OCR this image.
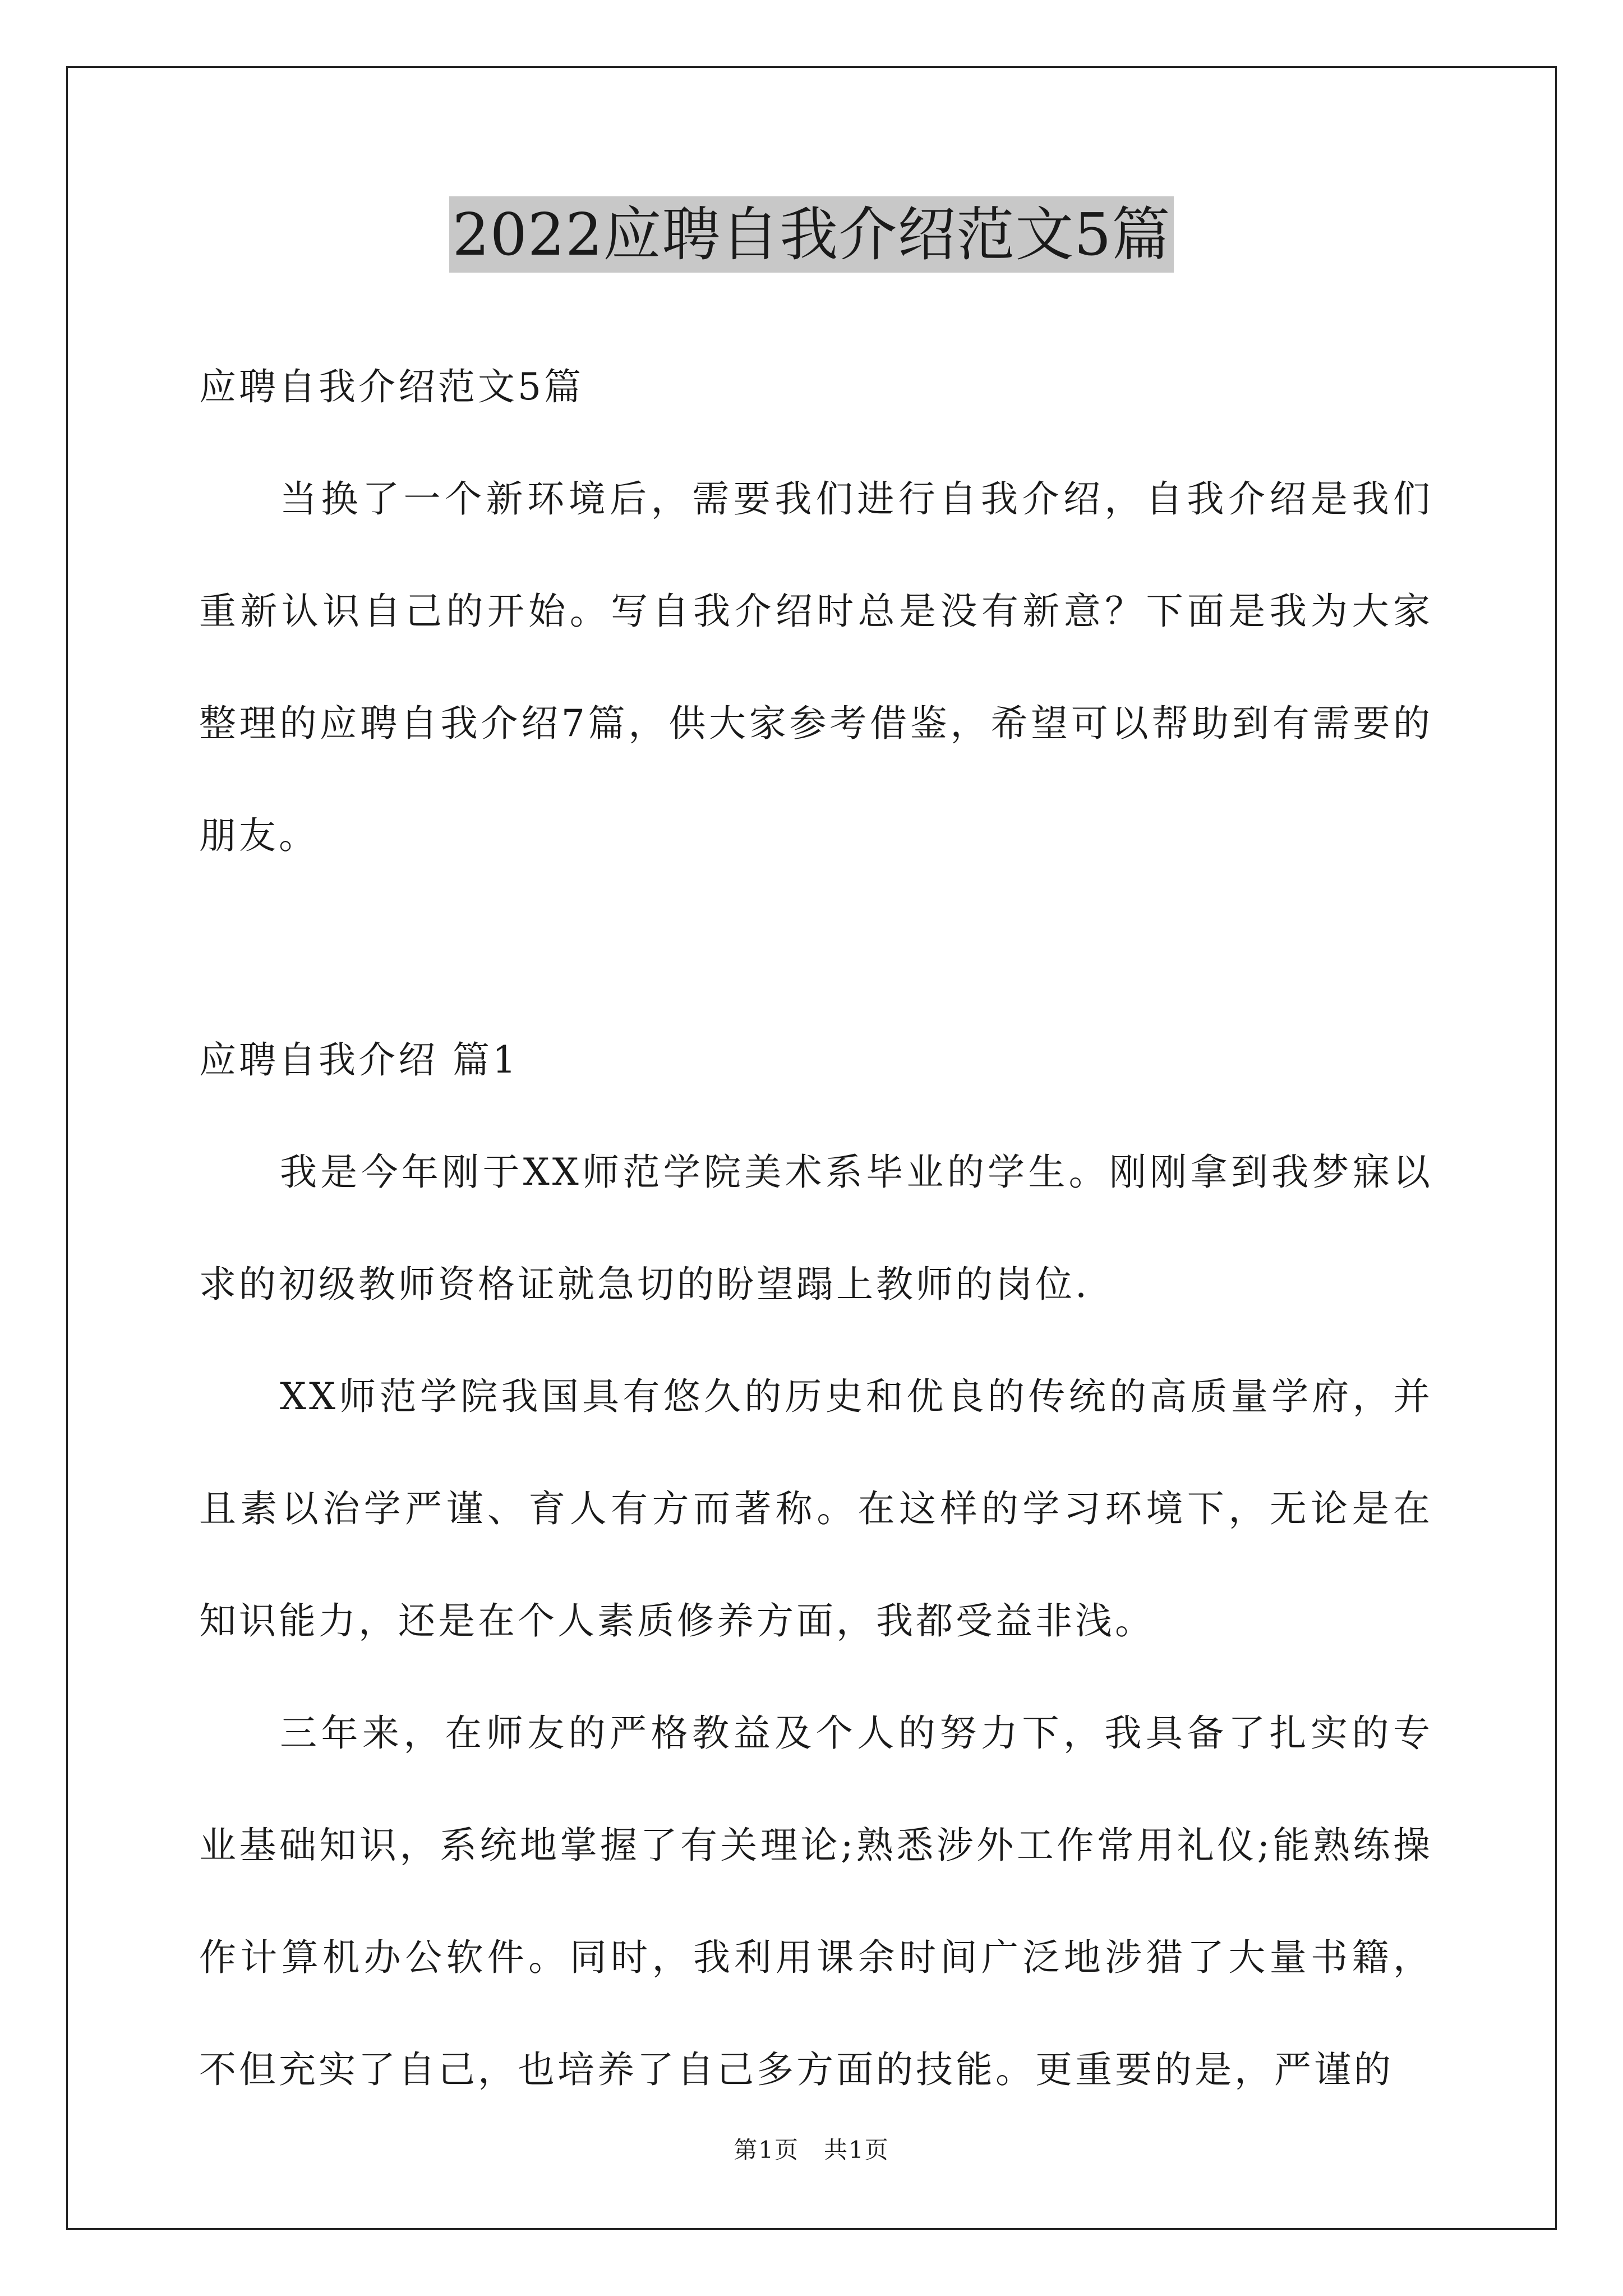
2022应聘自我介绍范文5篇

应聘自我介绍范文5篇

当换了一个新环境后，需要我们进行自我介绍，自我介绍是我们重新认识自己的开始。写自我介绍时总是没有新意？下面是我为大家整理的应聘自我介绍7篇，供大家参考借鉴，希望可以帮助到有需要的朋友。

应聘自我介绍 篇1

我是今年刚于XX师范学院美术系毕业的学生。刚刚拿到我梦寐以求的初级教师资格证就急切的盼望蹋上教师的岗位.

XX师范学院我国具有悠久的历史和优良的传统的高质量学府，并且素以治学严谨、育人有方而著称。在这样的学习环境下，无论是在知识能力，还是在个人素质修养方面，我都受益非浅。

三年来，在师友的严格教益及个人的努力下，我具备了扎实的专业基础知识，系统地掌握了有关理论;熟悉涉外工作常用礼仪;能熟练操作计算机办公软件。同时，我利用课余时间广泛地涉猎了大量书籍，不但充实了自己，也培养了自己多方面的技能。更重要的是，严谨的

第1页　共1页
